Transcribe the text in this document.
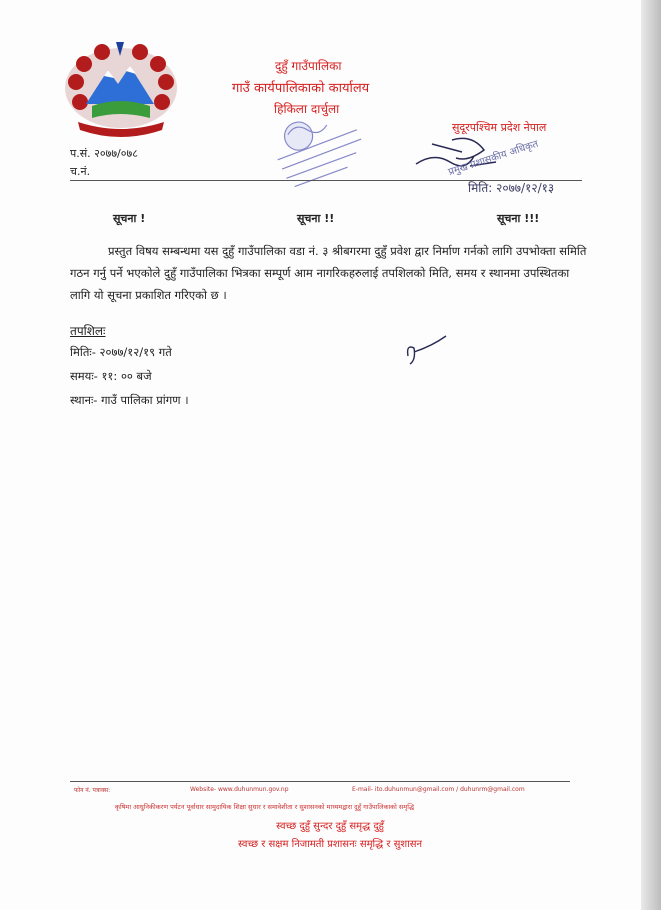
दुहुँ गाउँपालिका
गाउँ कार्यपालिकाको कार्यालय
हिकिला दार्चुला
सुदूरपश्चिम प्रदेश नेपाल
प्रमुख प्रशासकीय अधिकृत
प.सं. २०७७/०७८
च.नं.
मिति: २०७७/१२/१३
सूचना !	सूचना !!	सूचना !!!
प्रस्तुत विषय सम्बन्धमा यस दुहुँ गाउँपालिका वडा नं. ३ श्रीबगरमा दुहुँ प्रवेश द्वार निर्माण गर्नको लागि उपभोक्ता समिति गठन गर्नु पर्ने भएकोले दुहुँ गाउँपालिका भित्रका सम्पूर्ण आम नागरिकहरुलाई तपशिलको मिति, समय र स्थानमा उपस्थितका लागि यो सूचना प्रकाशित गरिएको छ ।
तपशिलः
मितिः- २०७७/१२/१९ गते
समयः- ११: ०० बजे
स्थानः- गाउँ पालिका प्रांगण ।
फोन नं. पत्राक्स:	Website- www.duhunmun.gov.np	E-mail- ito.duhunmun@gmail.com / duhunrm@gmail.com
कृषिमा आधुनिकीकरण पर्यटन पूर्वाधार सामुदायिक शिक्षा सुधार र समावेशीता र सुशासनको माध्यमद्वारा दुहुँ गाउँपालिकाको समृद्धि
स्वच्छ दुहुँ सुन्दर दुहुँ समृद्ध दुहुँ
स्वच्छ र सक्षम निजामती प्रशासनः समृद्धि र सुशासन
